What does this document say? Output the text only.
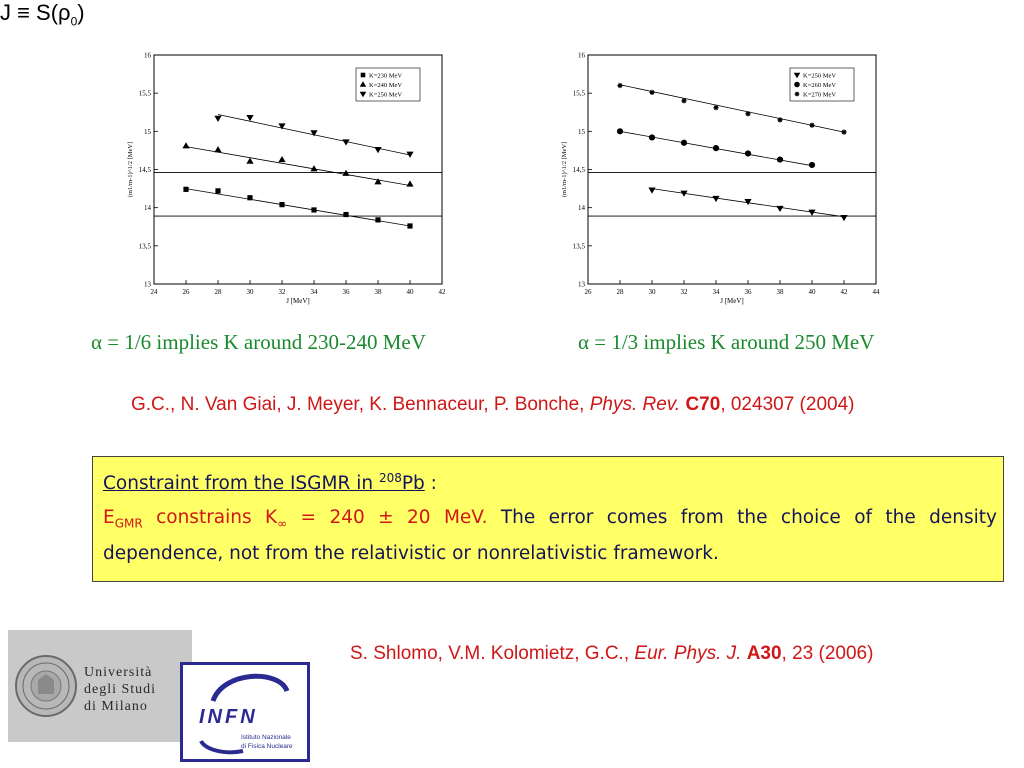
$J \equiv S(\rho_0)$
24	26	28	30	32	34	36	38	40	42
13
13,5
14
14,5
15
15,5
16
J [MeV]
(m1/m-1)^1/2 [MeV]
K=230 MeV
K=240 MeV
K=250 MeV
26	28	30	32	34	36	38	40	42	44
13
13,5
14
14,5
15
15,5
16
J [MeV]
(m1/m-1)^1/2 [MeV]
K=250 MeV
K=260 MeV
K=270 MeV
α = 1/6 implies K around 230-240 MeV	α = 1/3 implies K around 250 MeV
G.C., N. Van Giai, J. Meyer, K. Bennaceur, P. Bonche, Phys. Rev. C70, 024307 (2004)
Constraint from the ISGMR in $^{208}$Pb :
$E_{GMR}$ constrains $K_\infty = 240 \pm 20$ MeV. The error comes from the choice of the density dependence, not from the relativistic or nonrelativistic framework.
S. Shlomo, V.M. Kolomietz, G.C., Eur. Phys. J. A30, 23 (2006)
Università
degli Studi
di Milano	INFN
Istituto Nazionale
di Fisica Nucleare
